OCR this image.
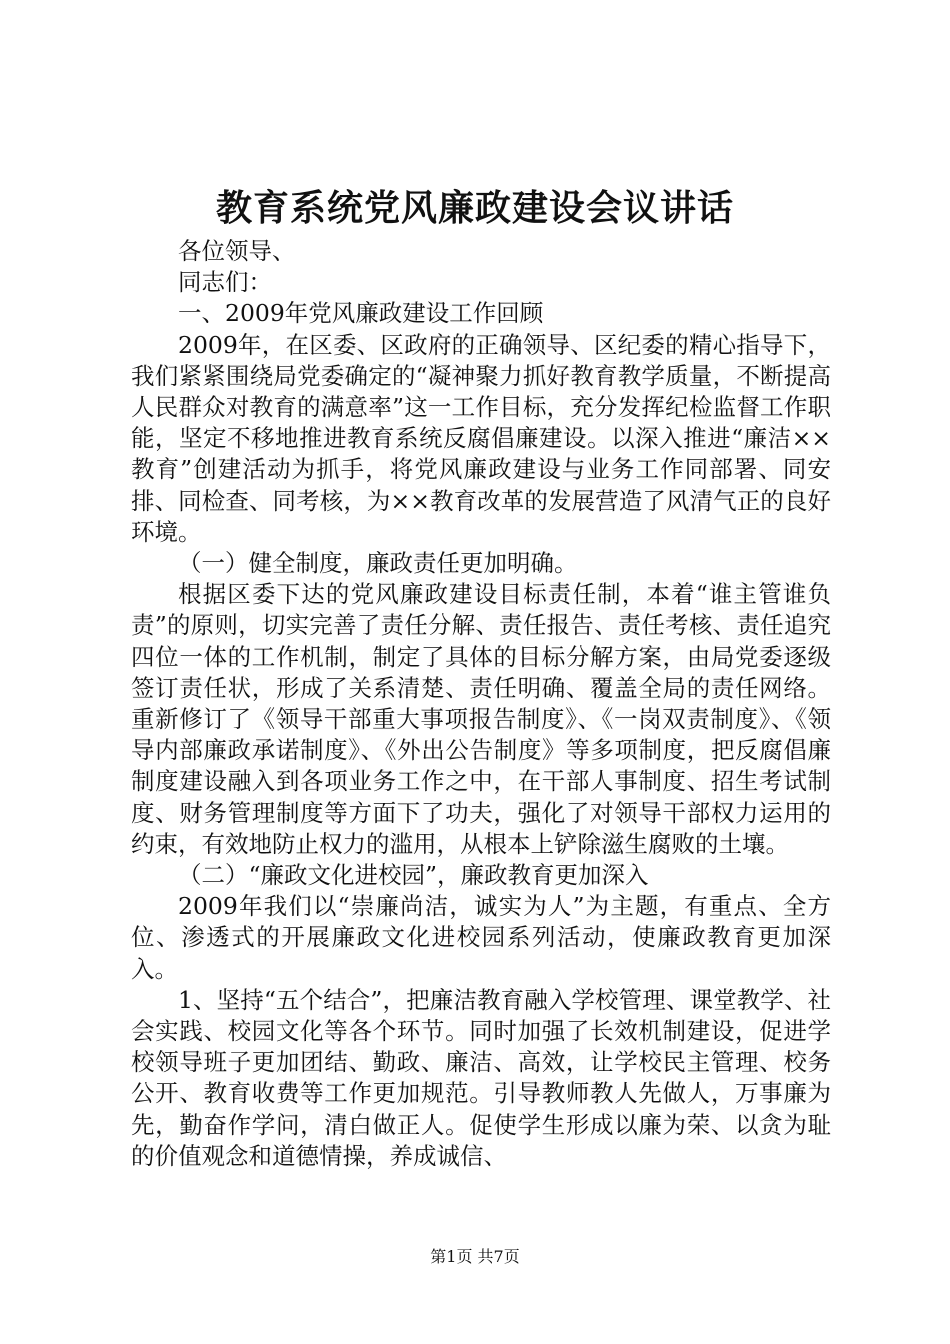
教育系统党风廉政建设会议讲话

各位领导、

同志们：

一、2009年党风廉政建设工作回顾

2009年，在区委、区政府的正确领导、区纪委的精心指导下，我们紧紧围绕局党委确定的“凝神聚力抓好教育教学质量，不断提高人民群众对教育的满意率”这一工作目标，充分发挥纪检监督工作职能，坚定不移地推进教育系统反腐倡廉建设。以深入推进“廉洁××教育”创建活动为抓手，将党风廉政建设与业务工作同部署、同安排、同检查、同考核，为××教育改革的发展营造了风清气正的良好环境。

（一）健全制度，廉政责任更加明确。

根据区委下达的党风廉政建设目标责任制，本着“谁主管谁负责”的原则，切实完善了责任分解、责任报告、责任考核、责任追究四位一体的工作机制，制定了具体的目标分解方案，由局党委逐级签订责任状，形成了关系清楚、责任明确、覆盖全局的责任网络。重新修订了《领导干部重大事项报告制度》、《一岗双责制度》、《领导内部廉政承诺制度》、《外出公告制度》等多项制度，把反腐倡廉制度建设融入到各项业务工作之中，在干部人事制度、招生考试制度、财务管理制度等方面下了功夫，强化了对领导干部权力运用的约束，有效地防止权力的滥用，从根本上铲除滋生腐败的土壤。

（二）“廉政文化进校园”，廉政教育更加深入

2009年我们以“崇廉尚洁，诚实为人”为主题，有重点、全方位、渗透式的开展廉政文化进校园系列活动，使廉政教育更加深入。

1、坚持“五个结合”，把廉洁教育融入学校管理、课堂教学、社会实践、校园文化等各个环节。同时加强了长效机制建设，促进学校领导班子更加团结、勤政、廉洁、高效，让学校民主管理、校务公开、教育收费等工作更加规范。引导教师教人先做人，万事廉为先，勤奋作学问，清白做正人。促使学生形成以廉为荣、以贪为耻的价值观念和道德情操，养成诚信、

第1页 共7页
